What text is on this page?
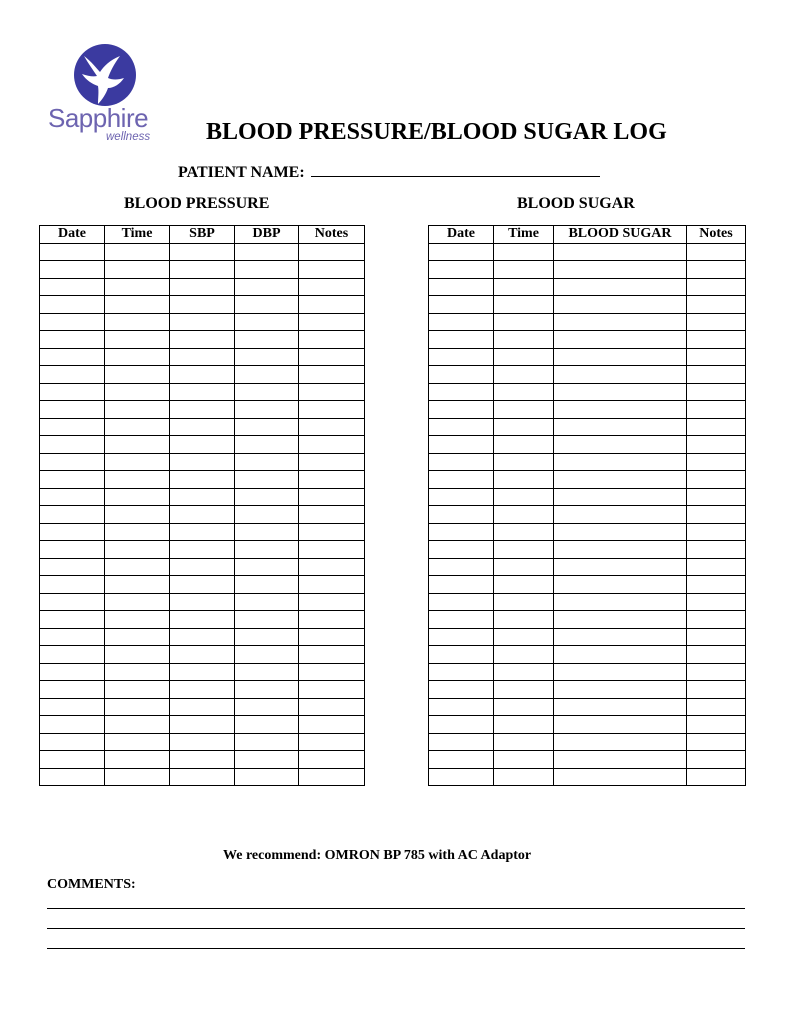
Sapphire
wellness BLOOD PRESSURE/BLOOD SUGAR LOG
PATIENT NAME:
BLOOD PRESSURE	BLOOD SUGAR
Date	Time	SBP	DBP	Notes

					Date	Time	BLOOD SUGAR	Notes

We recommend: OMRON BP 785 with AC Adaptor
COMMENTS:
